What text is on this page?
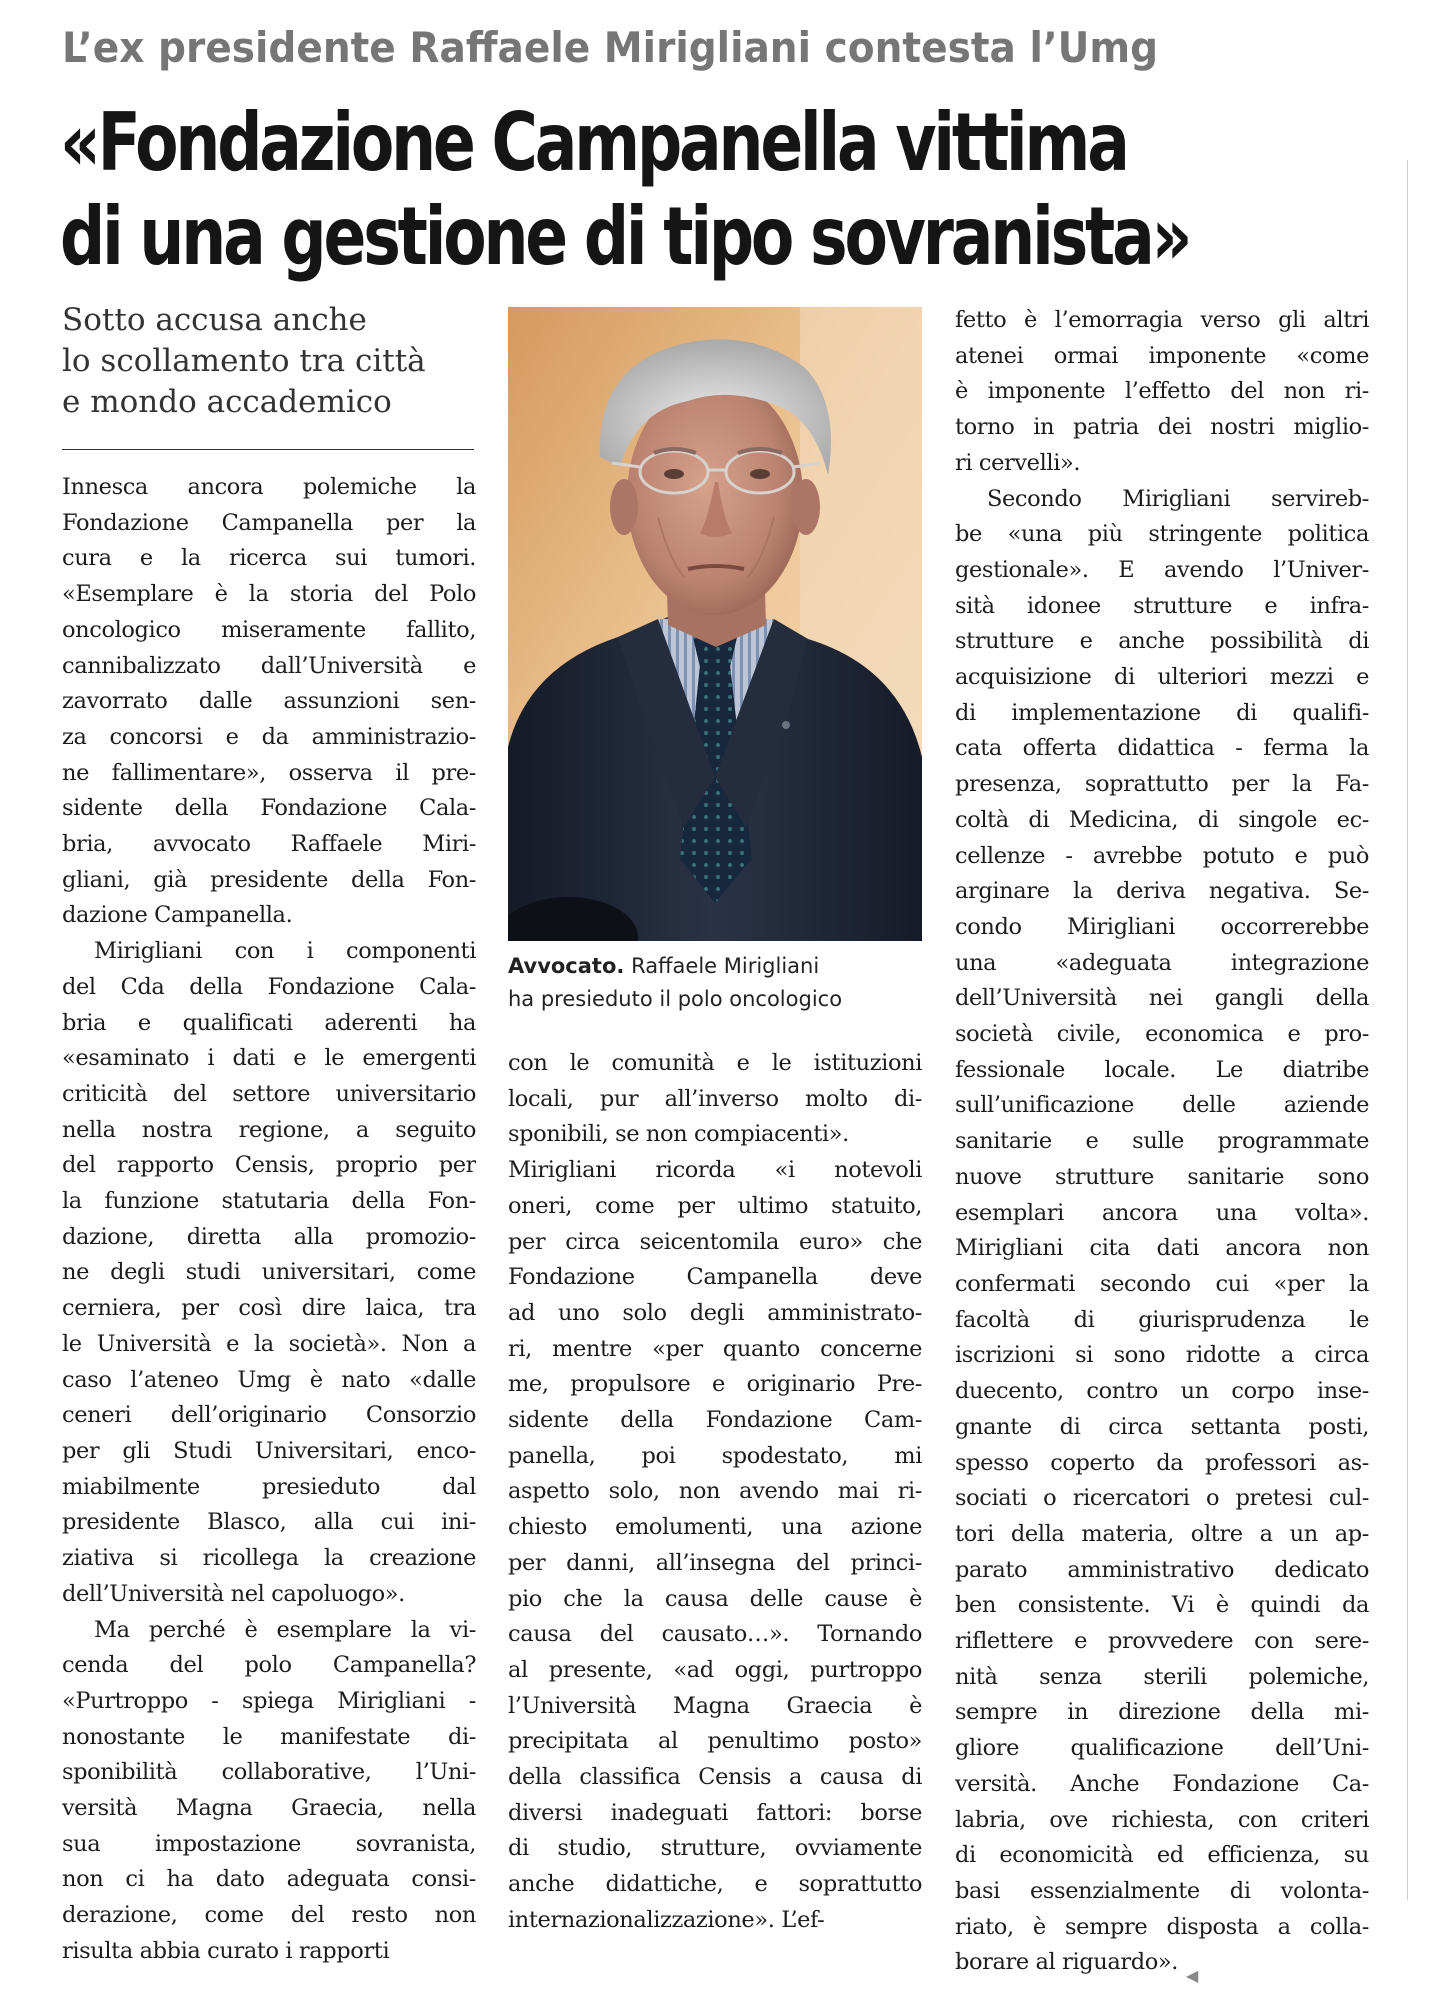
L’ex presidente Raffaele Mirigliani contesta l’Umg
«Fondazione Campanella vittima
di una gestione di tipo sovranista»
Sotto accusa anche
lo scollamento tra città
e mondo accademico
Innesca ancora polemiche la
Fondazione Campanella per la
cura e la ricerca sui tumori.
«Esemplare è la storia del Polo
oncologico miseramente fallito,
cannibalizzato dall’Università e
zavorrato dalle assunzioni sen-
za concorsi e da amministrazio-
ne fallimentare», osserva il pre-
sidente della Fondazione Cala-
bria, avvocato Raffaele Miri-
gliani, già presidente della Fon-
dazione Campanella.
Mirigliani con i componenti
del Cda della Fondazione Cala-
bria e qualificati aderenti ha
«esaminato i dati e le emergenti
criticità del settore universitario
nella nostra regione, a seguito
del rapporto Censis, proprio per
la funzione statutaria della Fon-
dazione, diretta alla promozio-
ne degli studi universitari, come
cerniera, per così dire laica, tra
le Università e la società». Non a
caso l’ateneo Umg è nato «dalle
ceneri dell’originario Consorzio
per gli Studi Universitari, enco-
miabilmente presieduto dal
presidente Blasco, alla cui ini-
ziativa si ricollega la creazione
dell’Università nel capoluogo».
Ma perché è esemplare la vi-
cenda del polo Campanella?
«Purtroppo - spiega Mirigliani -
nonostante le manifestate di-
sponibilità collaborative, l’Uni-
versità Magna Graecia, nella
sua impostazione sovranista,
non ci ha dato adeguata consi-
derazione, come del resto non
risulta abbia curato i rapporti
Avvocato. Raffaele Mirigliani
ha presieduto il polo oncologico
con le comunità e le istituzioni
locali, pur all’inverso molto di-
sponibili, se non compiacenti».
Mirigliani ricorda «i notevoli
oneri, come per ultimo statuito,
per circa seicentomila euro» che
Fondazione Campanella deve
ad uno solo degli amministrato-
ri, mentre «per quanto concerne
me, propulsore e originario Pre-
sidente della Fondazione Cam-
panella, poi spodestato, mi
aspetto solo, non avendo mai ri-
chiesto emolumenti, una azione
per danni, all’insegna del princi-
pio che la causa delle cause è
causa del causato…». Tornando
al presente, «ad oggi, purtroppo
l’Università Magna Graecia è
precipitata al penultimo posto»
della classifica Censis a causa di
diversi inadeguati fattori: borse
di studio, strutture, ovviamente
anche didattiche, e soprattutto
internazionalizzazione». L’ef-
fetto è l’emorragia verso gli altri
atenei ormai imponente «come
è imponente l’effetto del non ri-
torno in patria dei nostri miglio-
ri cervelli».
Secondo Mirigliani servireb-
be «una più stringente politica
gestionale». E avendo l’Univer-
sità idonee strutture e infra-
strutture e anche possibilità di
acquisizione di ulteriori mezzi e
di implementazione di qualifi-
cata offerta didattica - ferma la
presenza, soprattutto per la Fa-
coltà di Medicina, di singole ec-
cellenze - avrebbe potuto e può
arginare la deriva negativa. Se-
condo Mirigliani occorrerebbe
una «adeguata integrazione
dell’Università nei gangli della
società civile, economica e pro-
fessionale locale. Le diatribe
sull’unificazione delle aziende
sanitarie e sulle programmate
nuove strutture sanitarie sono
esemplari ancora una volta».
Mirigliani cita dati ancora non
confermati secondo cui «per la
facoltà di giurisprudenza le
iscrizioni si sono ridotte a circa
duecento, contro un corpo inse-
gnante di circa settanta posti,
spesso coperto da professori as-
sociati o ricercatori o pretesi cul-
tori della materia, oltre a un ap-
parato amministrativo dedicato
ben consistente. Vi è quindi da
riflettere e provvedere con sere-
nità senza sterili polemiche,
sempre in direzione della mi-
gliore qualificazione dell’Uni-
versità. Anche Fondazione Ca-
labria, ove richiesta, con criteri
di economicità ed efficienza, su
basi essenzialmente di volonta-
riato, è sempre disposta a colla-
borare al riguardo».◀
